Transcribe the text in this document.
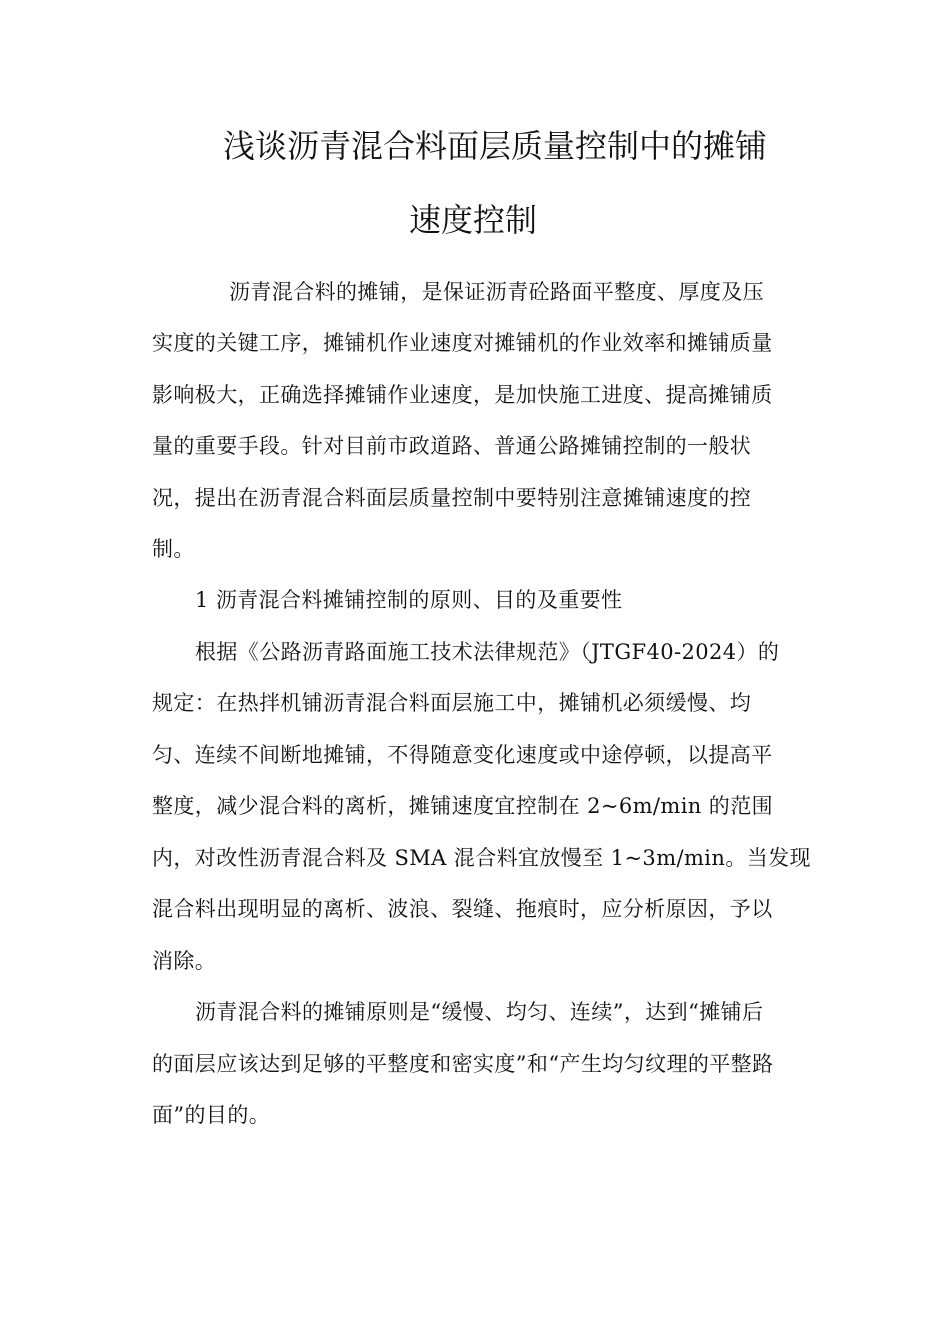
浅谈沥青混合料面层质量控制中的摊铺
速度控制
沥青混合料的摊铺，是保证沥青砼路面平整度、厚度及压
实度的关键工序，摊铺机作业速度对摊铺机的作业效率和摊铺质量
影响极大，正确选择摊铺作业速度，是加快施工进度、提高摊铺质
量的重要手段。针对目前市政道路、普通公路摊铺控制的一般状
况，提出在沥青混合料面层质量控制中要特别注意摊铺速度的控
制。
1 沥青混合料摊铺控制的原则、目的及重要性
根据《公路沥青路面施工技术法律规范》（JTGF40-2024）的
规定：在热拌机铺沥青混合料面层施工中，摊铺机必须缓慢、均
匀、连续不间断地摊铺，不得随意变化速度或中途停顿，以提高平
整度，减少混合料的离析，摊铺速度宜控制在 2~6m/min 的范围
内，对改性沥青混合料及 SMA 混合料宜放慢至 1~3m/min。当发现
混合料出现明显的离析、波浪、裂缝、拖痕时，应分析原因，予以
消除。
沥青混合料的摊铺原则是“缓慢、均匀、连续”，达到“摊铺后
的面层应该达到足够的平整度和密实度”和“产生均匀纹理的平整路
面”的目的。
